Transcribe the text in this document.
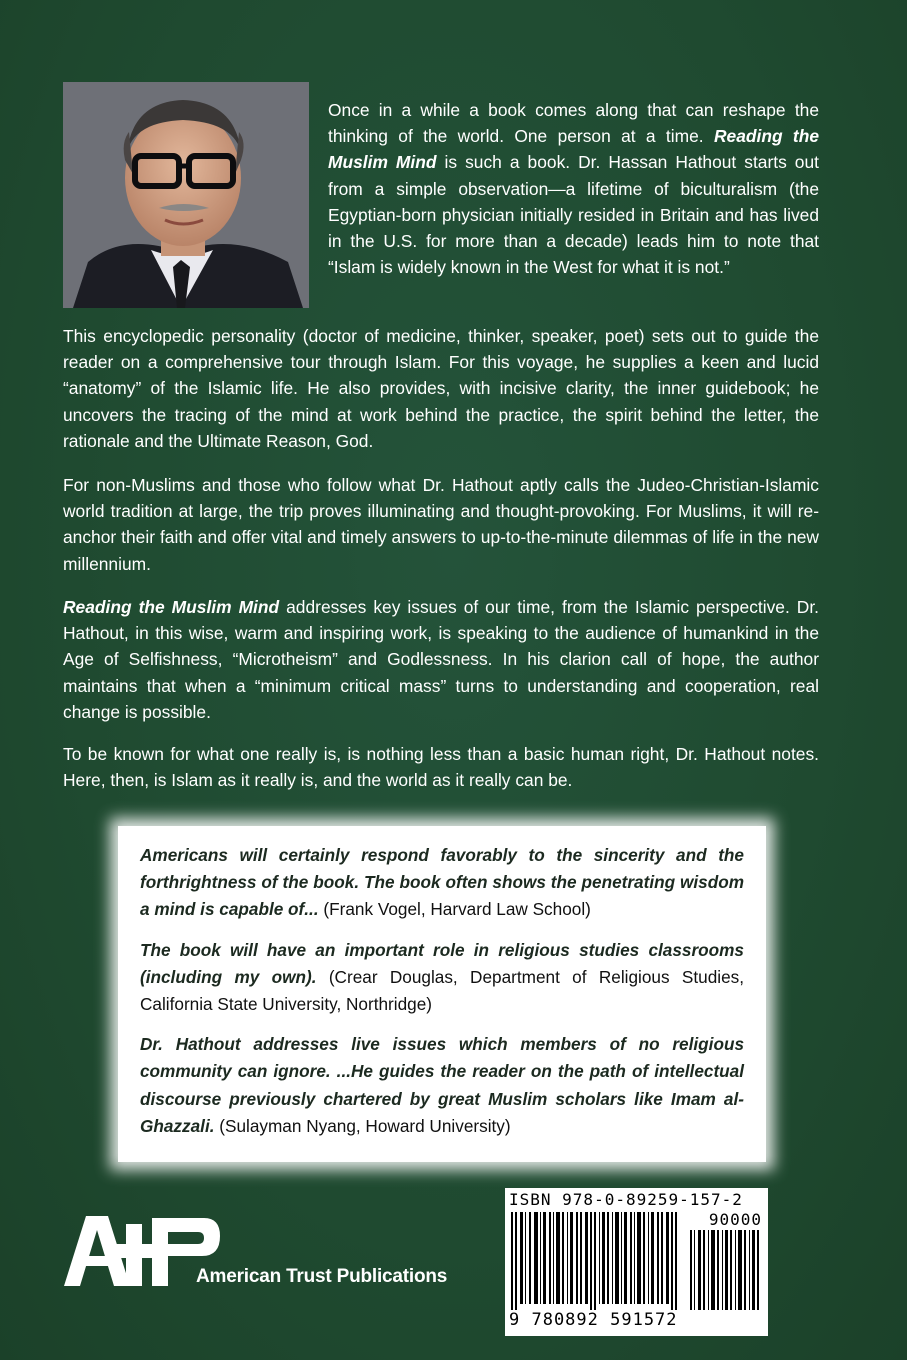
Once in a while a book comes along that can reshape the thinking of the world. One person at a time. Reading the Muslim Mind is such a book. Dr. Hassan Hathout starts out from a simple observation—a lifetime of biculturalism (the Egyptian-born physician initially resided in Britain and has lived in the U.S. for more than a decade) leads him to note that “Islam is widely known in the West for what it is not.”
This encyclopedic personality (doctor of medicine, thinker, speaker, poet) sets out to guide the reader on a comprehensive tour through Islam. For this voyage, he supplies a keen and lucid “anatomy” of the Islamic life. He also provides, with incisive clarity, the inner guidebook; he uncovers the tracing of the mind at work behind the practice, the spirit behind the letter, the rationale and the Ultimate Reason, God.
For non-Muslims and those who follow what Dr. Hathout aptly calls the Judeo-Christian-Islamic world tradition at large, the trip proves illuminating and thought-provoking. For Muslims, it will re-anchor their faith and offer vital and timely answers to up-to-the-minute dilemmas of life in the new millennium.
Reading the Muslim Mind addresses key issues of our time, from the Islamic perspective. Dr. Hathout, in this wise, warm and inspiring work, is speaking to the audience of humankind in the Age of Selfishness, “Microtheism” and Godlessness. In his clarion call of hope, the author maintains that when a “minimum critical mass” turns to understanding and cooperation, real change is possible.
To be known for what one really is, is nothing less than a basic human right, Dr. Hathout notes. Here, then, is Islam as it really is, and the world as it really can be.
Americans will certainly respond favorably to the sincerity and the forthrightness of the book. The book often shows the penetrating wisdom a mind is capable of... (Frank Vogel, Harvard Law School)
The book will have an important role in religious studies classrooms (including my own). (Crear Douglas, Department of Religious Studies, California State University, Northridge)
Dr. Hathout addresses live issues which members of no religious community can ignore. ...He guides the reader on the path of intellectual discourse previously chartered by great Muslim scholars like Imam al-Ghazzali. (Sulayman Nyang, Howard University)
American Trust Publications
ISBN 978-0-89259-157-2
90000
9 780892 591572
